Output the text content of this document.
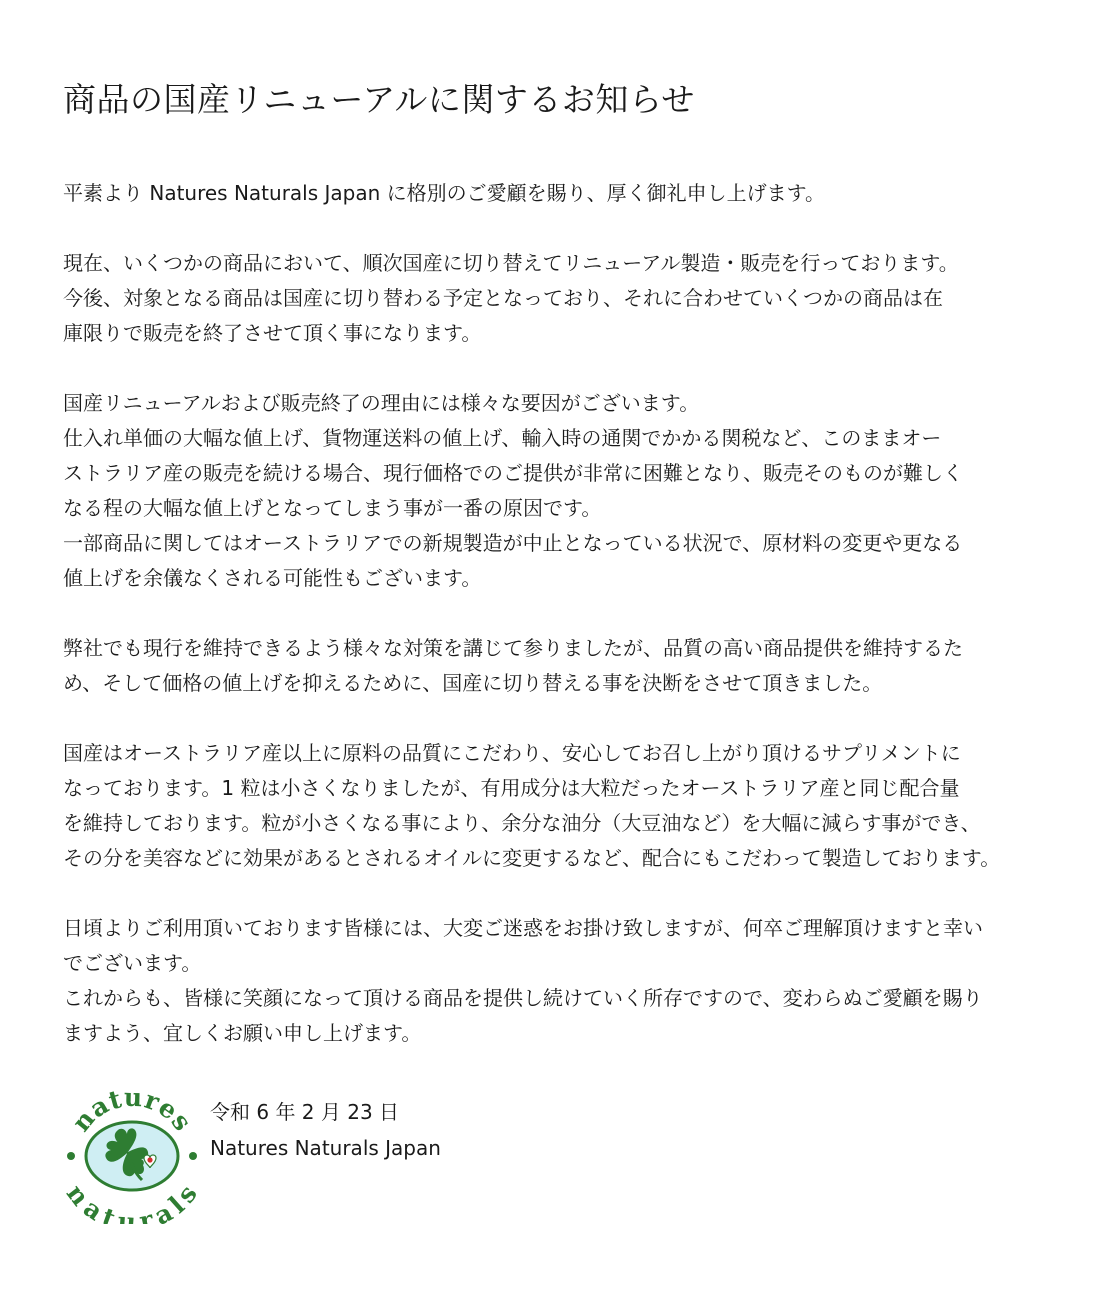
商品の国産リニューアルに関するお知らせ
平素より Natures Naturals Japan に格別のご愛顧を賜り、厚く御礼申し上げます。
現在、いくつかの商品において、順次国産に切り替えてリニューアル製造・販売を行っております。
今後、対象となる商品は国産に切り替わる予定となっており、それに合わせていくつかの商品は在
庫限りで販売を終了させて頂く事になります。
国産リニューアルおよび販売終了の理由には様々な要因がございます。
仕入れ単価の大幅な値上げ、貨物運送料の値上げ、輸入時の通関でかかる関税など、このままオー
ストラリア産の販売を続ける場合、現行価格でのご提供が非常に困難となり、販売そのものが難しく
なる程の大幅な値上げとなってしまう事が一番の原因です。
一部商品に関してはオーストラリアでの新規製造が中止となっている状況で、原材料の変更や更なる
値上げを余儀なくされる可能性もございます。
弊社でも現行を維持できるよう様々な対策を講じて参りましたが、品質の高い商品提供を維持するた
め、そして価格の値上げを抑えるために、国産に切り替える事を決断をさせて頂きました。
国産はオーストラリア産以上に原料の品質にこだわり、安心してお召し上がり頂けるサプリメントに
なっております。1 粒は小さくなりましたが、有用成分は大粒だったオーストラリア産と同じ配合量
を維持しております。粒が小さくなる事により、余分な油分（大豆油など）を大幅に減らす事ができ、
その分を美容などに効果があるとされるオイルに変更するなど、配合にもこだわって製造しております。
日頃よりご利用頂いております皆様には、大変ご迷惑をお掛け致しますが、何卒ご理解頂けますと幸い
でございます。
これからも、皆様に笑顔になって頂ける商品を提供し続けていく所存ですので、変わらぬご愛顧を賜り
ますよう、宜しくお願い申し上げます。
natures
natural
令和 6 年 2 月 23 日
Natures Naturals Japan
